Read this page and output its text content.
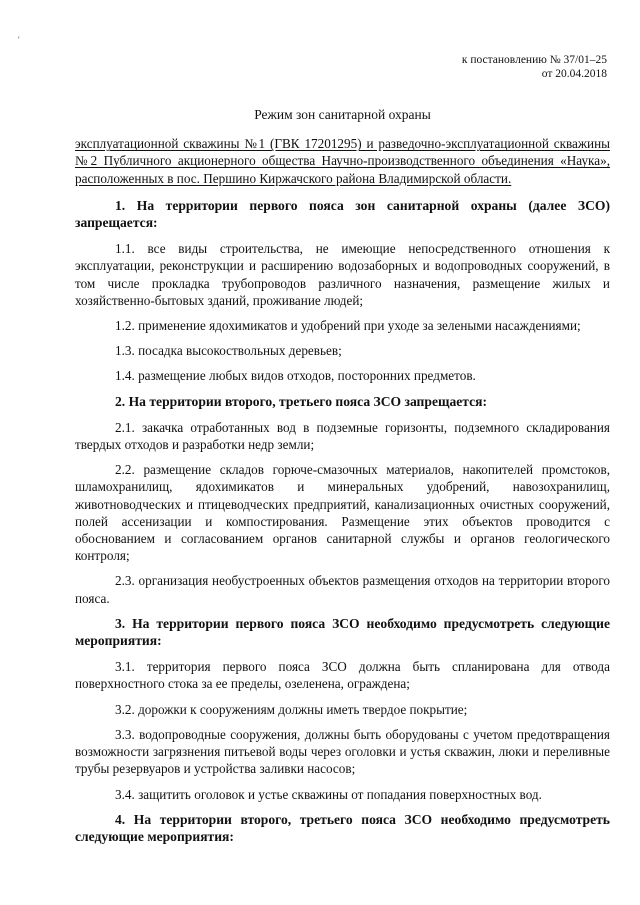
'
к постановлению № 37/01–25
от 20.04.2018
Режим зон санитарной охраны
эксплуатационной скважины №1 (ГВК 17201295) и разведочно-эксплуатационной скважины №2 Публичного акционерного общества Научно-производственного объединения «Наука», расположенных в пос. Першино Киржачского района Владимирской области.
1. На территории первого пояса зон санитарной охраны (далее ЗСО) запрещается:
1.1. все виды строительства, не имеющие непосредственного отношения к эксплуатации, реконструкции и расширению водозаборных и водопроводных сооружений, в том числе прокладка трубопроводов различного назначения, размещение жилых и хозяйственно-бытовых зданий, проживание людей;
1.2. применение ядохимикатов и удобрений при уходе за зелеными насаждениями;
1.3. посадка высокоствольных деревьев;
1.4. размещение любых видов отходов, посторонних предметов.
2. На территории второго, третьего пояса ЗСО запрещается:
2.1. закачка отработанных вод в подземные горизонты, подземного складирования твердых отходов и разработки недр земли;
2.2. размещение складов горюче-смазочных материалов, накопителей промстоков, шламохранилищ, ядохимикатов и минеральных удобрений, навозохранилищ, животноводческих и птицеводческих предприятий, канализационных очистных сооружений, полей ассенизации и компостирования. Размещение этих объектов проводится с обоснованием и согласованием органов санитарной службы и органов геологического контроля;
2.3. организация необустроенных объектов размещения отходов на территории второго пояса.
3. На территории первого пояса ЗСО необходимо предусмотреть следующие мероприятия:
3.1. территория первого пояса ЗСО должна быть спланирована для отвода поверхностного стока за ее пределы, озеленена, ограждена;
3.2. дорожки к сооружениям должны иметь твердое покрытие;
3.3. водопроводные сооружения, должны быть оборудованы с учетом предотвращения возможности загрязнения питьевой воды через оголовки и устья скважин, люки и переливные трубы резервуаров и устройства заливки насосов;
3.4. защитить оголовок и устье скважины от попадания поверхностных вод.
4. На территории второго, третьего пояса ЗСО необходимо предусмотреть следующие мероприятия:
